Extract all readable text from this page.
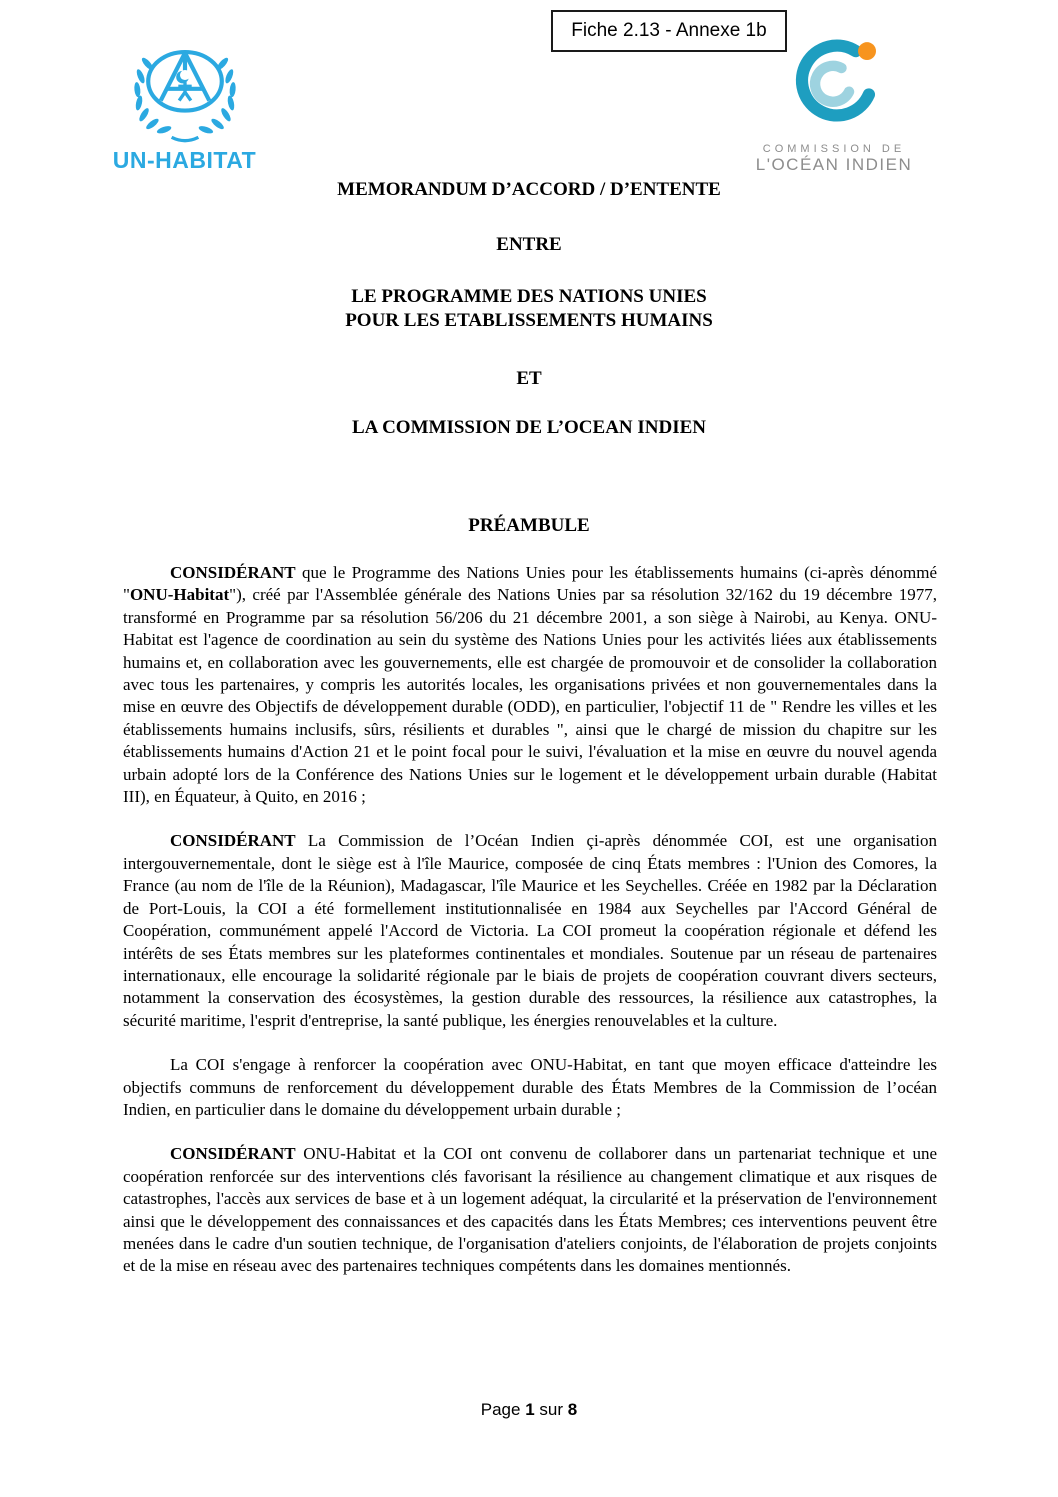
Fiche 2.13 - Annexe 1b
UN-HABITAT	COMMISSION DE
L'OCÉAN INDIEN
MEMORANDUM D’ACCORD / D’ENTENTE
ENTRE
LE PROGRAMME DES NATIONS UNIES
POUR LES ETABLISSEMENTS HUMAINS
ET
LA COMMISSION DE L’OCEAN INDIEN
PRÉAMBULE

CONSIDÉRANT que le Programme des Nations Unies pour les établissements humains (ci-après dénommé "ONU-Habitat"), créé par l'Assemblée générale des Nations Unies par sa résolution 32/162 du 19 décembre 1977, transformé en Programme par sa résolution 56/206 du 21 décembre 2001, a son siège à Nairobi, au Kenya. ONU-Habitat est l'agence de coordination au sein du système des Nations Unies pour les activités liées aux établissements humains et, en collaboration avec les gouvernements, elle est chargée de promouvoir et de consolider la collaboration avec tous les partenaires, y compris les autorités locales, les organisations privées et non gouvernementales dans la mise en œuvre des Objectifs de développement durable (ODD), en particulier, l'objectif 11 de " Rendre les villes et les établissements humains inclusifs, sûrs, résilients et durables ", ainsi que le chargé de mission du chapitre sur les établissements humains d'Action 21 et le point focal pour le suivi, l'évaluation et la mise en œuvre du nouvel agenda urbain adopté lors de la Conférence des Nations Unies sur le logement et le développement urbain durable (Habitat III), en Équateur, à Quito, en 2016 ;

CONSIDÉRANT La Commission de l’Océan Indien çi-après dénommée COI, est une organisation intergouvernementale, dont le siège est à l'île Maurice, composée de cinq États membres : l'Union des Comores, la France (au nom de l'île de la Réunion), Madagascar, l'île Maurice et les Seychelles. Créée en 1982 par la Déclaration de Port-Louis, la COI a été formellement institutionnalisée en 1984 aux Seychelles par l'Accord Général de Coopération, communément appelé l'Accord de Victoria. La COI promeut la coopération régionale et défend les intérêts de ses États membres sur les plateformes continentales et mondiales. Soutenue par un réseau de partenaires internationaux, elle encourage la solidarité régionale par le biais de projets de coopération couvrant divers secteurs, notamment la conservation des écosystèmes, la gestion durable des ressources, la résilience aux catastrophes, la sécurité maritime, l'esprit d'entreprise, la santé publique, les énergies renouvelables et la culture.

La COI s'engage à renforcer la coopération avec ONU-Habitat, en tant que moyen efficace d'atteindre les objectifs communs de renforcement du développement durable des États Membres de la Commission de l’océan Indien, en particulier dans le domaine du développement urbain durable ;

CONSIDÉRANT ONU-Habitat et la COI ont convenu de collaborer dans un partenariat technique et une coopération renforcée sur des interventions clés favorisant la résilience au changement climatique et aux risques de catastrophes, l'accès aux services de base et à un logement adéquat, la circularité et la préservation de l'environnement ainsi que le développement des connaissances et des capacités dans les États Membres; ces interventions peuvent être menées dans le cadre d'un soutien technique, de l'organisation d'ateliers conjoints, de l'élaboration de projets conjoints et de la mise en réseau avec des partenaires techniques compétents dans les domaines mentionnés.

Page 1 sur 8
